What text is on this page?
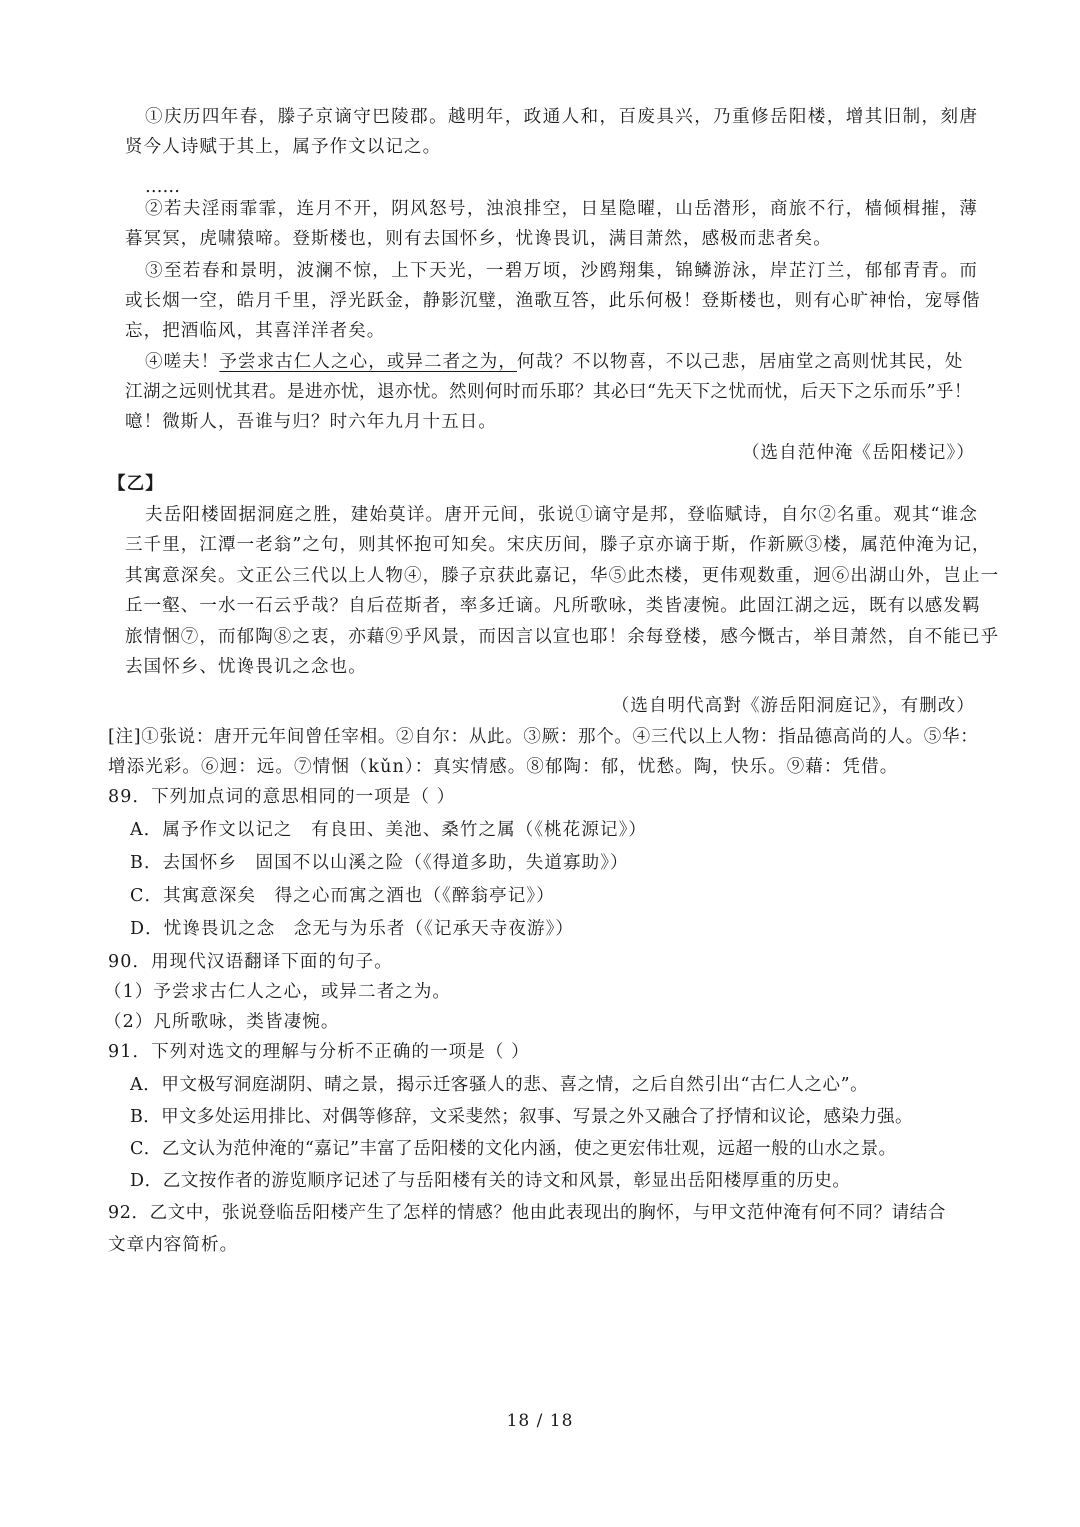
①庆历四年春，滕子京谪守巴陵郡。越明年，政通人和，百废具兴，乃重修岳阳楼，增其旧制，刻唐
贤今人诗赋于其上，属予作文以记之。
……
②若夫淫雨霏霏，连月不开，阴风怒号，浊浪排空，日星隐曜，山岳潜形，商旅不行，樯倾楫摧，薄
暮冥冥，虎啸猿啼。登斯楼也，则有去国怀乡，忧谗畏讥，满目萧然，感极而悲者矣。
③至若春和景明，波澜不惊，上下天光，一碧万顷，沙鸥翔集，锦鳞游泳，岸芷汀兰，郁郁青青。而
或长烟一空，皓月千里，浮光跃金，静影沉璧，渔歌互答，此乐何极！登斯楼也，则有心旷神怡，宠辱偕
忘，把酒临风，其喜洋洋者矣。
④嗟夫！予尝求古仁人之心，或异二者之为，何哉？不以物喜，不以己悲，居庙堂之高则忧其民，处
江湖之远则忧其君。是进亦忧，退亦忧。然则何时而乐耶？其必曰“先天下之忧而忧，后天下之乐而乐”乎！
噫！微斯人，吾谁与归？时六年九月十五日。
（选自范仲淹《岳阳楼记》）
【乙】
夫岳阳楼固据洞庭之胜，建始莫详。唐开元间，张说①谪守是邦，登临赋诗，自尔②名重。观其“谁念
三千里，江潭一老翁”之句，则其怀抱可知矣。宋庆历间，滕子京亦谪于斯，作新厥③楼，属范仲淹为记，
其寓意深矣。文正公三代以上人物④，滕子京获此嘉记，华⑤此杰楼，更伟观数重，迥⑥出湖山外，岂止一
丘一壑、一水一石云乎哉？自后莅斯者，率多迁谪。凡所歌咏，类皆凄惋。此固江湖之远，既有以感发羁
旅情悃⑦，而郁陶⑧之衷，亦藉⑨乎风景，而因言以宣也耶！余每登楼，感今慨古，举目萧然，自不能已乎
去国怀乡、忧谗畏讥之念也。
（选自明代高對《游岳阳洞庭记》，有删改）
[注]①张说：唐开元年间曾任宰相。②自尔：从此。③厥：那个。④三代以上人物：指品德高尚的人。⑤华：
增添光彩。⑥迥：远。⑦情悃（kǔn）：真实情感。⑧郁陶：郁，忧愁。陶，快乐。⑨藉：凭借。
89．下列加点词的意思相同的一项是（ ）
A．属予作文以记之　有良田、美池、桑竹之属（《桃花源记》）
B．去国怀乡　固国不以山溪之险（《得道多助，失道寡助》）
C．其寓意深矣　得之心而寓之酒也（《醉翁亭记》）
D．忧谗畏讥之念　念无与为乐者（《记承天寺夜游》）
90．用现代汉语翻译下面的句子。
（1）予尝求古仁人之心，或异二者之为。
（2）凡所歌咏，类皆凄惋。
91．下列对选文的理解与分析不正确的一项是（ ）
A．甲文极写洞庭湖阴、晴之景，揭示迁客骚人的悲、喜之情，之后自然引出“古仁人之心”。
B．甲文多处运用排比、对偶等修辞，文采斐然；叙事、写景之外又融合了抒情和议论，感染力强。
C．乙文认为范仲淹的“嘉记”丰富了岳阳楼的文化内涵，使之更宏伟壮观，远超一般的山水之景。
D．乙文按作者的游览顺序记述了与岳阳楼有关的诗文和风景，彰显出岳阳楼厚重的历史。
92．乙文中，张说登临岳阳楼产生了怎样的情感？他由此表现出的胸怀，与甲文范仲淹有何不同？请结合
文章内容简析。
18 / 18
